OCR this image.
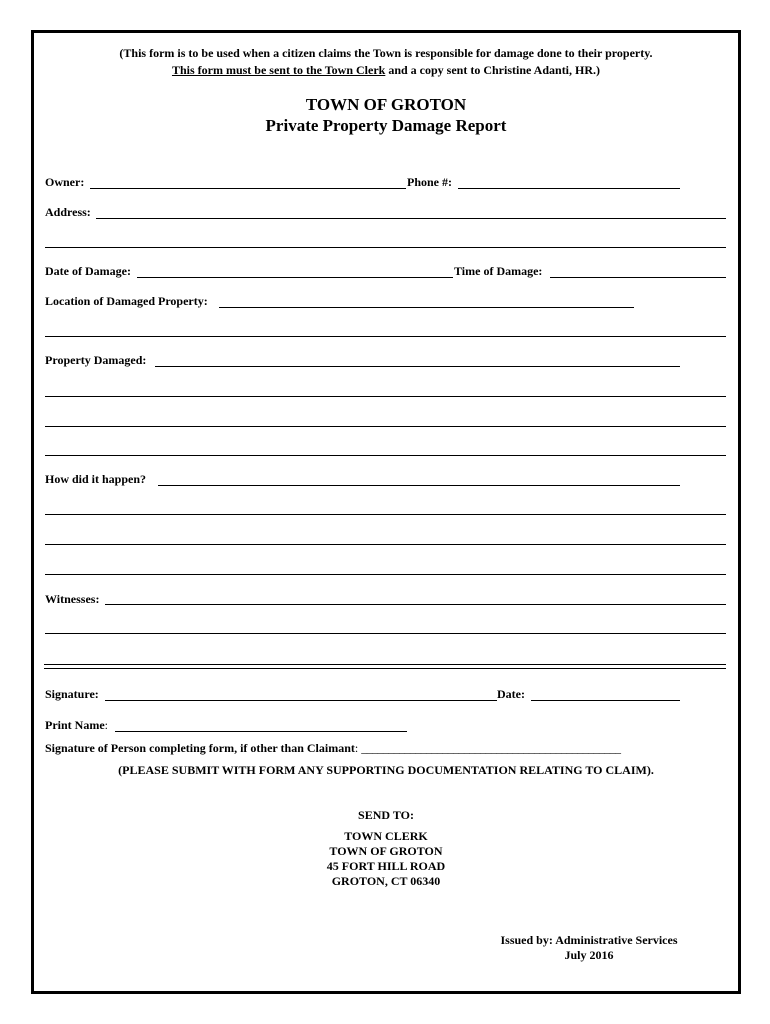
(This form is to be used when a citizen claims the Town is responsible for damage done to their property.
This form must be sent to the Town Clerk and a copy sent to Christine Adanti, HR.)
TOWN OF GROTON
Private Property Damage Report
Owner:	Phone #:
Address:
Date of Damage:	Time of Damage:
Location of Damaged Property:
Property Damaged:
How did it happen?
Witnesses:
Signature:	Date:
Print Name:
Signature of Person completing form, if other than Claimant: ________________________________________________
(PLEASE SUBMIT WITH FORM ANY SUPPORTING DOCUMENTATION RELATING TO CLAIM).
SEND TO:
TOWN CLERK
TOWN OF GROTON
45 FORT HILL ROAD
GROTON, CT 06340
Issued by: Administrative Services
July 2016
